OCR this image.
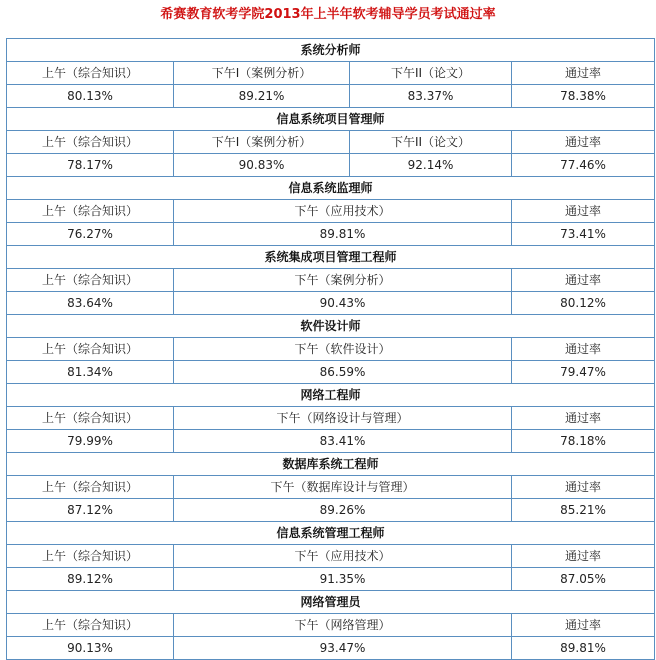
希赛教育软考学院2013年上半年软考辅导学员考试通过率
系统分析师			
上午（综合知识）	下午I（案例分析）	下午II（论文）	通过率
80.13%	89.21%	83.37%	78.38%
信息系统项目管理师			
上午（综合知识）	下午I（案例分析）	下午II（论文）	通过率
78.17%	90.83%	92.14%	77.46%
信息系统监理师			
上午（综合知识）	下午（应用技术）		通过率
76.27%	89.81%		73.41%
系统集成项目管理工程师			
上午（综合知识）	下午（案例分析）		通过率
83.64%	90.43%		80.12%
软件设计师			
上午（综合知识）	下午（软件设计）		通过率
81.34%	86.59%		79.47%
网络工程师			
上午（综合知识）	下午（网络设计与管理）		通过率
79.99%	83.41%		78.18%
数据库系统工程师			
上午（综合知识）	下午（数据库设计与管理）		通过率
87.12%	89.26%		85.21%
信息系统管理工程师			
上午（综合知识）	下午（应用技术）		通过率
89.12%	91.35%		87.05%
网络管理员			
上午（综合知识）	下午（网络管理）		通过率
90.13%	93.47%		89.81%
